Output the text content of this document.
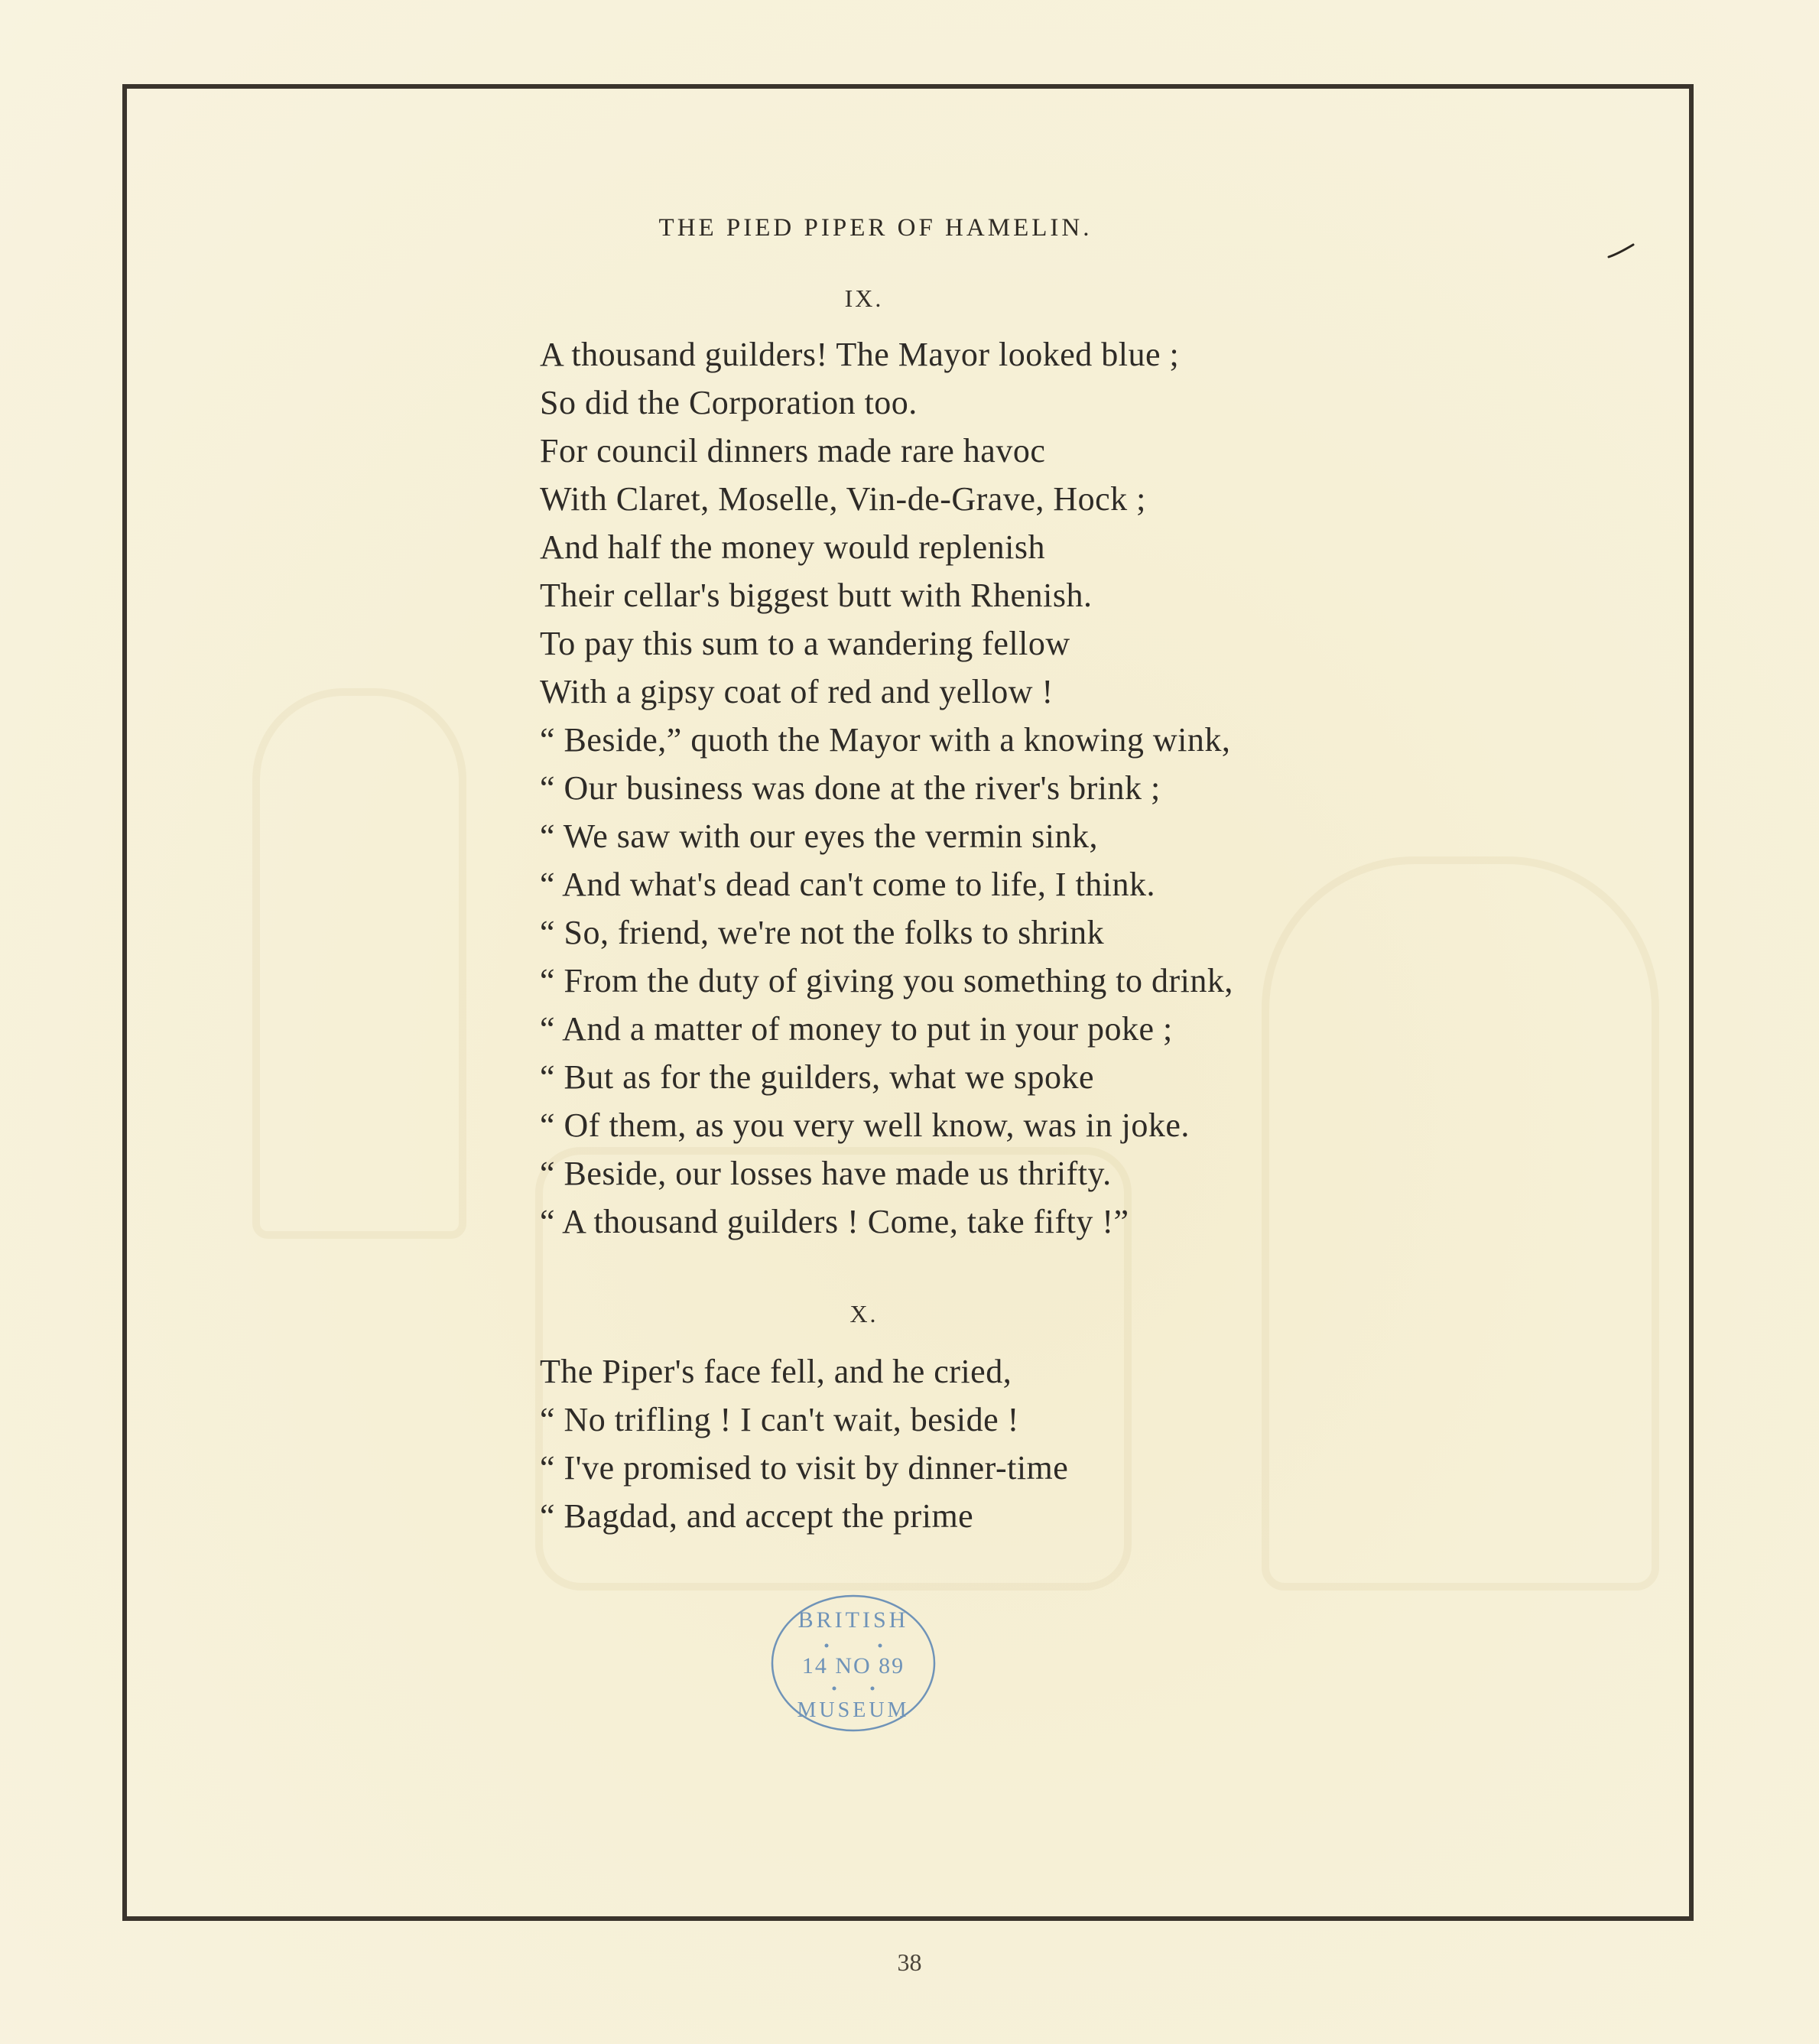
THE PIED PIPER OF HAMELIN.
IX.
A thousand guilders! The Mayor looked blue ;
So did the Corporation too.
For council dinners made rare havoc
With Claret, Moselle, Vin-de-Grave, Hock ;
And half the money would replenish
Their cellar's biggest butt with Rhenish.
To pay this sum to a wandering fellow
With a gipsy coat of red and yellow !
“ Beside,” quoth the Mayor with a knowing wink,
“ Our business was done at the river's brink ;
“ We saw with our eyes the vermin sink,
“ And what's dead can't come to life, I think.
“ So, friend, we're not the folks to shrink
“ From the duty of giving you something to drink,
“ And a matter of money to put in your poke ;
“ But as for the guilders, what we spoke
“ Of them, as you very well know, was in joke.
“ Beside, our losses have made us thrifty.
“ A thousand guilders ! Come, take fifty !”
X.
The Piper's face fell, and he cried,
“ No trifling ! I can't wait, beside !
“ I've promised to visit by dinner-time
“ Bagdad, and accept the prime
BRITISH
14 NO 89
MUSEUM
38
